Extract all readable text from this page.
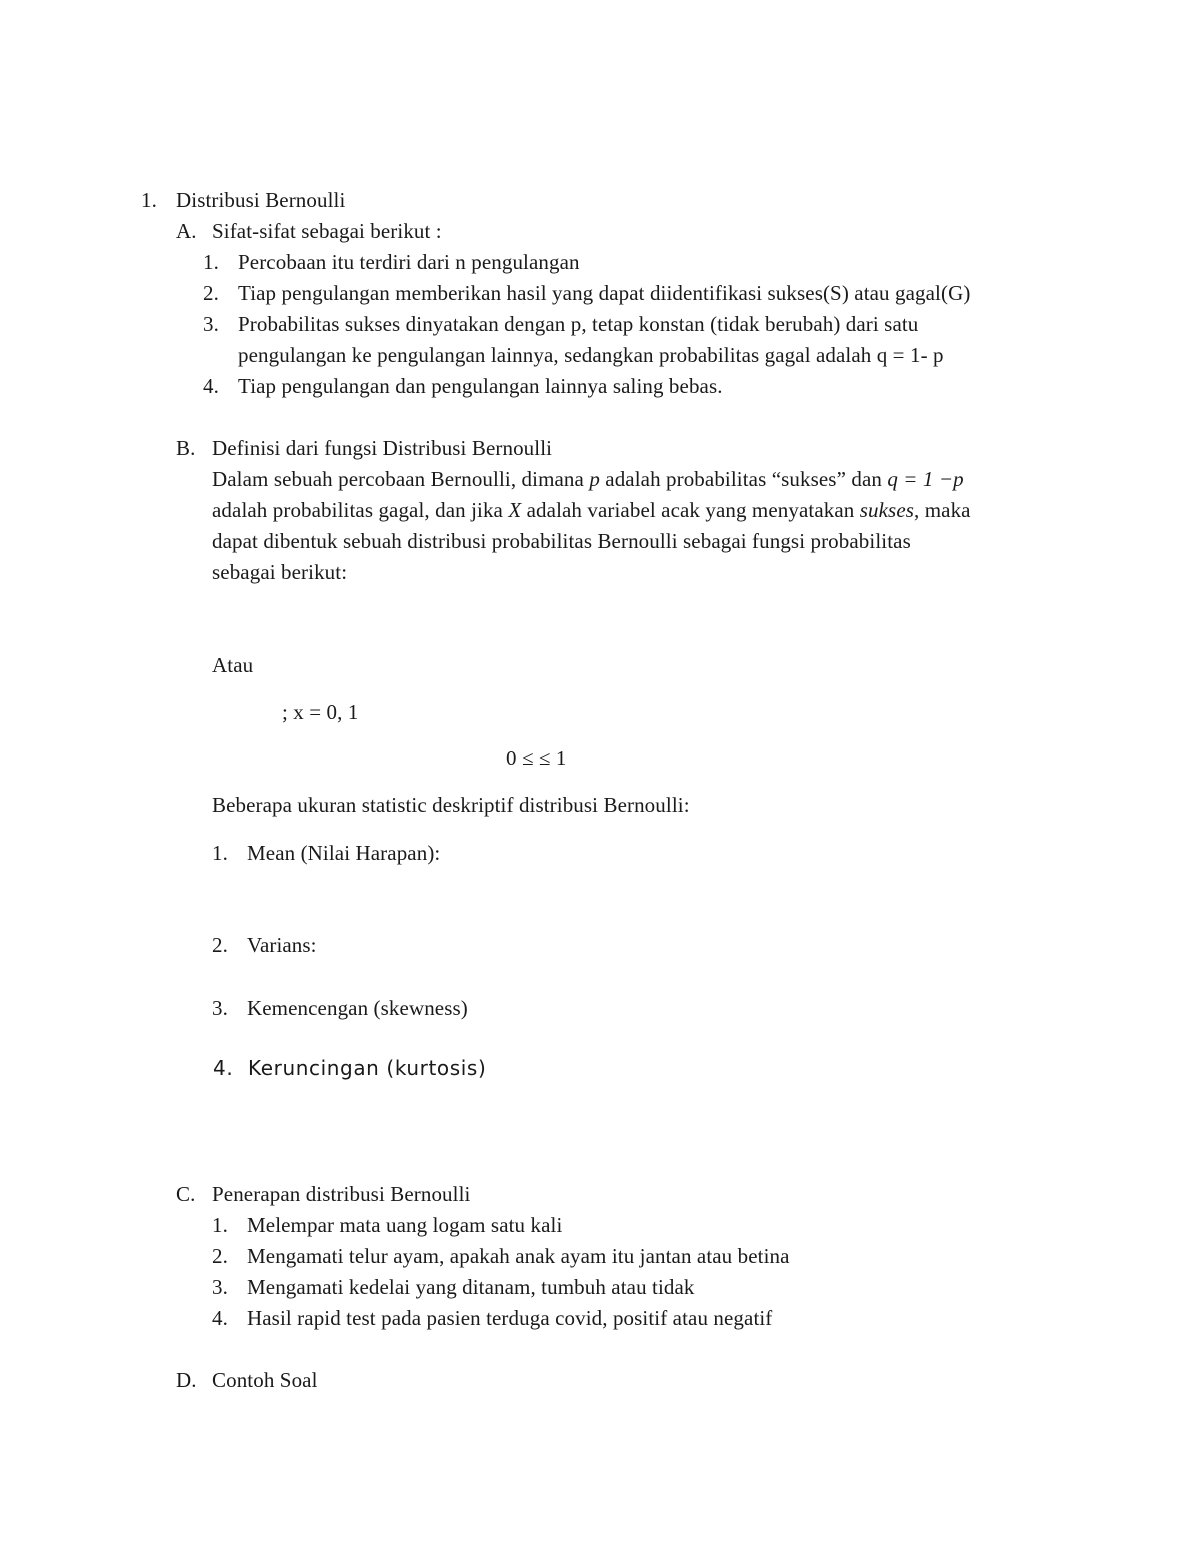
1. Distribusi Bernoulli
A. Sifat-sifat sebagai berikut :
1. Percobaan itu terdiri dari n pengulangan
2. Tiap pengulangan memberikan hasil yang dapat diidentifikasi sukses(S) atau gagal(G)
3. Probabilitas sukses dinyatakan dengan p, tetap konstan (tidak berubah) dari satu
pengulangan ke pengulangan lainnya, sedangkan probabilitas gagal adalah q = 1- p
4. Tiap pengulangan dan pengulangan lainnya saling bebas.
B. Definisi dari fungsi Distribusi Bernoulli
Dalam sebuah percobaan Bernoulli, dimana p adalah probabilitas “sukses” dan q = 1 −p
adalah probabilitas gagal, dan jika X adalah variabel acak yang menyatakan sukses, maka
dapat dibentuk sebuah distribusi probabilitas Bernoulli sebagai fungsi probabilitas
sebagai berikut:
Atau
; x = 0, 1
0 ≤ ≤ 1
Beberapa ukuran statistic deskriptif distribusi Bernoulli:
1. Mean (Nilai Harapan):
2. Varians:
3. Kemencengan (skewness)
4. Keruncingan (kurtosis)
C. Penerapan distribusi Bernoulli
1. Melempar mata uang logam satu kali
2. Mengamati telur ayam, apakah anak ayam itu jantan atau betina
3. Mengamati kedelai yang ditanam, tumbuh atau tidak
4. Hasil rapid test pada pasien terduga covid, positif atau negatif
D. Contoh Soal
